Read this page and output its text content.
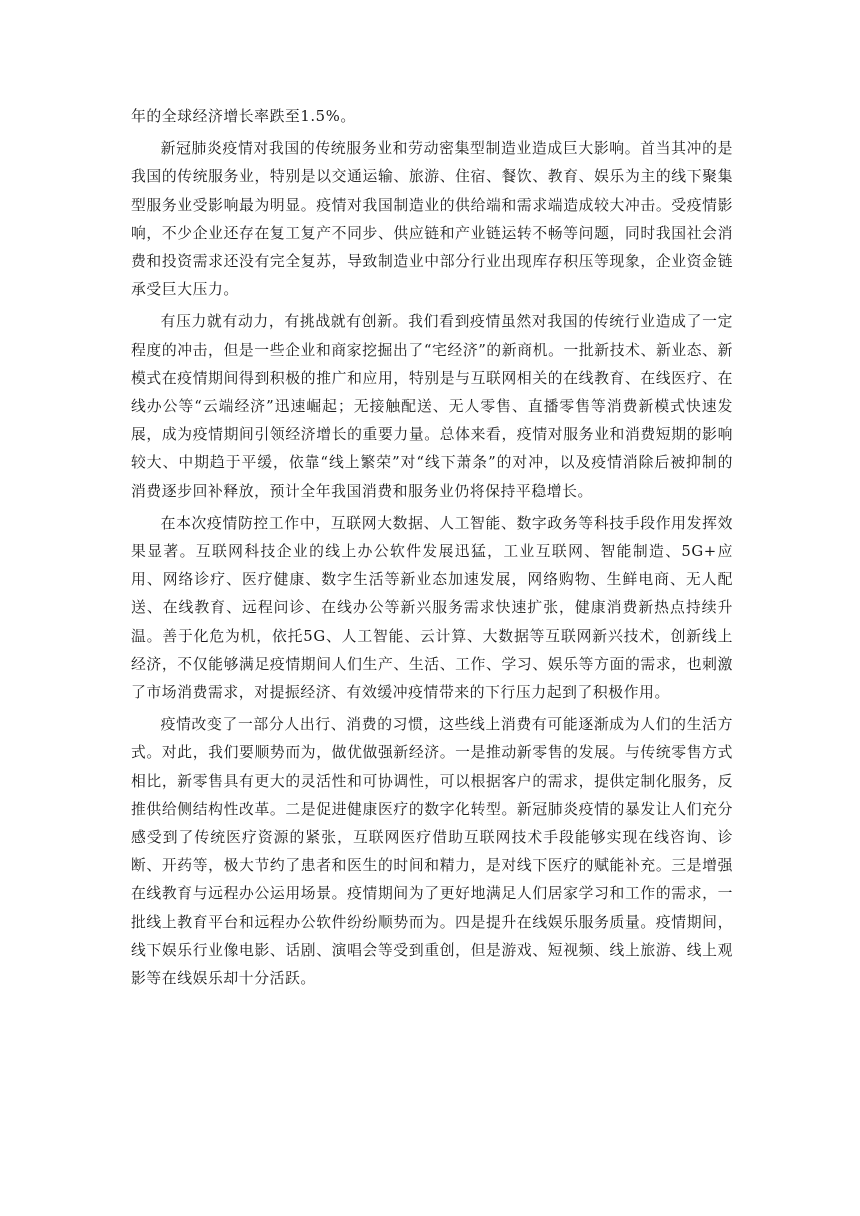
年的全球经济增长率跌至1.5%。

新冠肺炎疫情对我国的传统服务业和劳动密集型制造业造成巨大影响。首当其冲的是我国的传统服务业，特别是以交通运输、旅游、住宿、餐饮、教育、娱乐为主的线下聚集型服务业受影响最为明显。疫情对我国制造业的供给端和需求端造成较大冲击。受疫情影响，不少企业还存在复工复产不同步、供应链和产业链运转不畅等问题，同时我国社会消费和投资需求还没有完全复苏，导致制造业中部分行业出现库存积压等现象，企业资金链承受巨大压力。

有压力就有动力，有挑战就有创新。我们看到疫情虽然对我国的传统行业造成了一定程度的冲击，但是一些企业和商家挖掘出了“宅经济”的新商机。一批新技术、新业态、新模式在疫情期间得到积极的推广和应用，特别是与互联网相关的在线教育、在线医疗、在线办公等“云端经济”迅速崛起；无接触配送、无人零售、直播零售等消费新模式快速发展，成为疫情期间引领经济增长的重要力量。总体来看，疫情对服务业和消费短期的影响较大、中期趋于平缓，依靠“线上繁荣”对“线下萧条”的对冲，以及疫情消除后被抑制的消费逐步回补释放，预计全年我国消费和服务业仍将保持平稳增长。

在本次疫情防控工作中，互联网大数据、人工智能、数字政务等科技手段作用发挥效果显著。互联网科技企业的线上办公软件发展迅猛，工业互联网、智能制造、5G+应用、网络诊疗、医疗健康、数字生活等新业态加速发展，网络购物、生鲜电商、无人配送、在线教育、远程问诊、在线办公等新兴服务需求快速扩张，健康消费新热点持续升温。善于化危为机，依托5G、人工智能、云计算、大数据等互联网新兴技术，创新线上经济，不仅能够满足疫情期间人们生产、生活、工作、学习、娱乐等方面的需求，也刺激了市场消费需求，对提振经济、有效缓冲疫情带来的下行压力起到了积极作用。

疫情改变了一部分人出行、消费的习惯，这些线上消费有可能逐渐成为人们的生活方式。对此，我们要顺势而为，做优做强新经济。一是推动新零售的发展。与传统零售方式相比，新零售具有更大的灵活性和可协调性，可以根据客户的需求，提供定制化服务，反推供给侧结构性改革。二是促进健康医疗的数字化转型。新冠肺炎疫情的暴发让人们充分感受到了传统医疗资源的紧张，互联网医疗借助互联网技术手段能够实现在线咨询、诊断、开药等，极大节约了患者和医生的时间和精力，是对线下医疗的赋能补充。三是增强在线教育与远程办公运用场景。疫情期间为了更好地满足人们居家学习和工作的需求，一批线上教育平台和远程办公软件纷纷顺势而为。四是提升在线娱乐服务质量。疫情期间，线下娱乐行业像电影、话剧、演唱会等受到重创，但是游戏、短视频、线上旅游、线上观影等在线娱乐却十分活跃。
